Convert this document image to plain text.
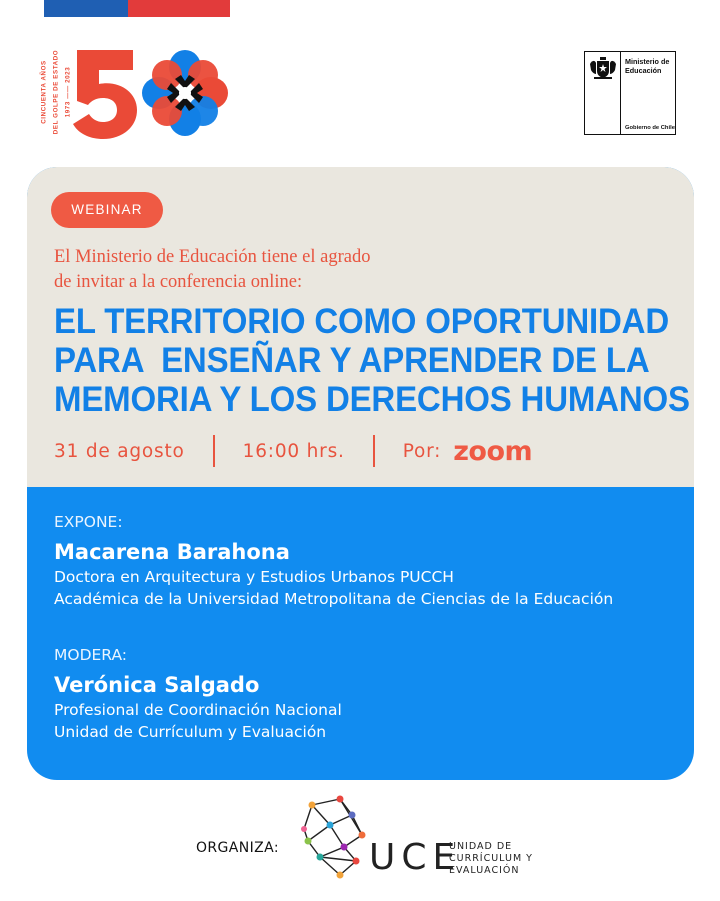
CINCUENTA AÑOS DEL GOLPE DE ESTADO 1973 —— 2023
Ministerio de Educación
Gobierno de Chile
WEBINAR
El Ministerio de Educación tiene el agrado
de invitar a la conferencia online:
EL TERRITORIO COMO OPORTUNIDAD
PARA  ENSEÑAR Y APRENDER DE LA
MEMORIA Y LOS DERECHOS HUMANOS
31 de agosto	16:00 hrs.	Por: zoom
EXPONE:
Macarena Barahona
Doctora en Arquitectura y Estudios Urbanos PUCCH
Académica de la Universidad Metropolitana de Ciencias de la Educación
MODERA:
Verónica Salgado
Profesional de Coordinación Nacional
Unidad de Currículum y Evaluación
ORGANIZA: UCE
UNIDAD DE
CURRÍCULUM Y
EVALUACIÓN
